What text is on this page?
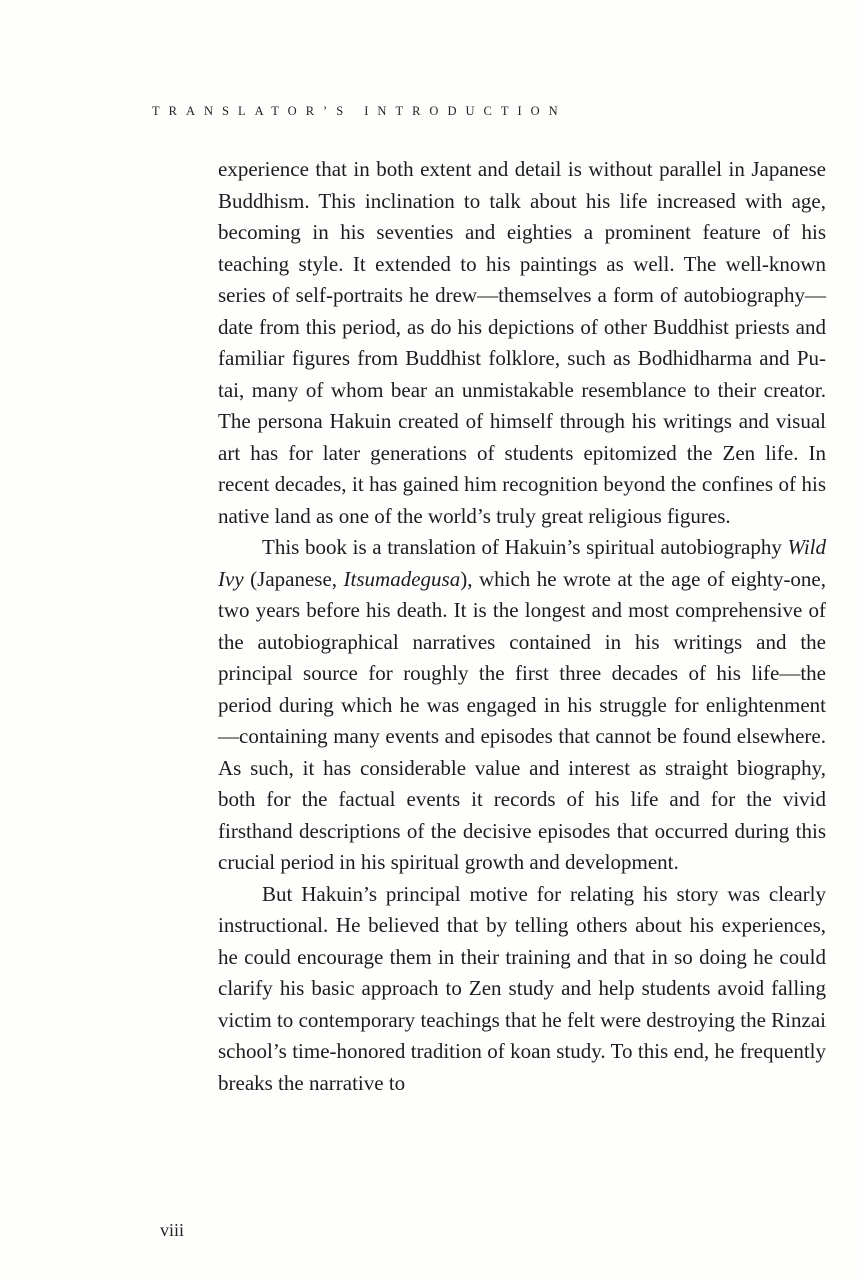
TRANSLATOR’S INTRODUCTION

experience that in both extent and detail is without parallel in Japanese Buddhism. This inclination to talk about his life increased with age, becoming in his seventies and eighties a prominent feature of his teaching style. It extended to his paintings as well. The well-known series of self-portraits he drew—themselves a form of autobiography—date from this period, as do his depictions of other Buddhist priests and familiar figures from Buddhist folklore, such as Bodhidharma and Pu-tai, many of whom bear an unmistakable resemblance to their creator. The persona Hakuin created of himself through his writings and visual art has for later generations of students epitomized the Zen life. In recent decades, it has gained him recognition beyond the confines of his native land as one of the world’s truly great religious figures.

This book is a translation of Hakuin’s spiritual autobiography Wild Ivy (Japanese, Itsumadegusa), which he wrote at the age of eighty-one, two years before his death. It is the longest and most comprehensive of the autobiographical narratives contained in his writings and the principal source for roughly the first three decades of his life—the period during which he was engaged in his struggle for enlightenment—containing many events and episodes that cannot be found elsewhere. As such, it has considerable value and interest as straight biography, both for the factual events it records of his life and for the vivid firsthand descriptions of the decisive episodes that occurred during this crucial period in his spiritual growth and development.

But Hakuin’s principal motive for relating his story was clearly instructional. He believed that by telling others about his experiences, he could encourage them in their training and that in so doing he could clarify his basic approach to Zen study and help students avoid falling victim to contemporary teachings that he felt were destroying the Rinzai school’s time-honored tradition of koan study. To this end, he frequently breaks the narrative to

viii
